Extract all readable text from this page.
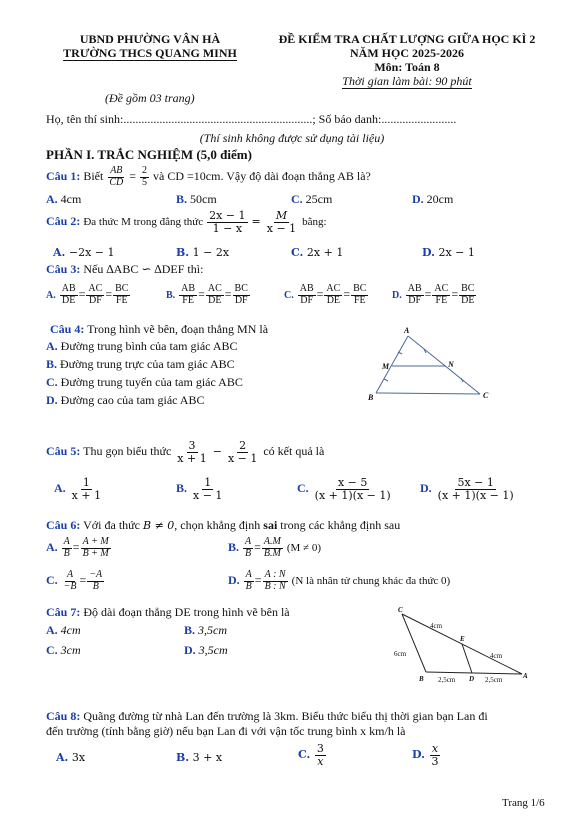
UBND PHƯỜNG VÂN HÀ
TRƯỜNG THCS QUANG MINH
ĐỀ KIỂM TRA CHẤT LƯỢNG GIỮA HỌC KÌ 2
NĂM HỌC 2025-2026
Môn: Toán 8
Thời gian làm bài: 90 phút
(Đề gồm 03 trang)
Họ, tên thí sinh:...............................................................; Số báo danh:.........................
(Thí sinh không được sử dụng tài liệu)
PHẦN I. TRẮC NGHIỆM (5,0 điểm)
Câu 1: Biết $\frac{AB}{CD} = \frac{2}{5}$ và CD =10cm. Vậy độ dài đoạn thẳng AB là?
A. 4cm	B. 50cm	C. 25cm	D. 20cm
Câu 2: Đa thức M trong đẳng thức $\frac{2x - 1}{1 - x} = \frac{M}{x - 1}$ bằng:
A. −2x − 1	B. 1 − 2x	C. 2x + 1	D. 2x − 1
Câu 3: Nếu ∆ABC ∽ ∆DEF thì:
A. $\frac{AB}{DE} = \frac{AC}{DF} = \frac{BC}{FE}$	B. $\frac{AB}{FE} = \frac{AC}{DE} = \frac{BC}{DF}$	C. $\frac{AB}{DF} = \frac{AC}{DE} = \frac{BC}{FE} D$. $\frac{AB}{DF} = \frac{AC}{FE} = \frac{BC}{DE}$
Câu 4: Trong hình vẽ bên, đoạn thẳng MN là
A. Đường trung bình của tam giác ABC
B. Đường trung trực của tam giác ABC
C. Đường trung tuyến của tam giác ABC
D. Đường cao của tam giác ABC
A
M	N
B	C
Câu 5: Thu gọn biểu thức $\frac{3}{x + 1} - \frac{2}{x - 1}$ có kết quả là
A. $\frac{1}{x + 1}$	B. $\frac{1}{x - 1}$	C. $\frac{x - 5}{(x + 1)(x - 1)} D$. $\frac{5x - 1}{(x + 1)(x - 1)}$
Câu 6: Với đa thức B ≠ 0, chọn khẳng định sai trong các khẳng định sau
A. $\frac{A}{B} = \frac{A + M}{B + M}$	B. $\frac{A}{B} = \frac{A.M}{B.M} (M \ne 0)$
C. $\frac{A}{-B} = \frac{-A}{B}$	D. $\frac{A}{B} = \frac{A : N}{B : N} (N$ là nhân tử chung khác đa thức 0)
Câu 7: Độ dài đoạn thẳng DE trong hình vẽ bên là
A. 4cm	B. 3,5cm
C. 3cm	D. 3,5cm
C
E
B	D	A
4cm
4cm
6cm
2,5cm	2,5cm
Câu 8: Quãng đường từ nhà Lan đến trường là 3km. Biểu thức biểu thị thời gian bạn Lan đi
đến trường (tính bằng giờ) nếu bạn Lan đi với vận tốc trung bình x km/h là
A. 3x	B. 3 + x	C. $\frac{3}{x}$	D. $\frac{x}{3}$
Trang 1/6
